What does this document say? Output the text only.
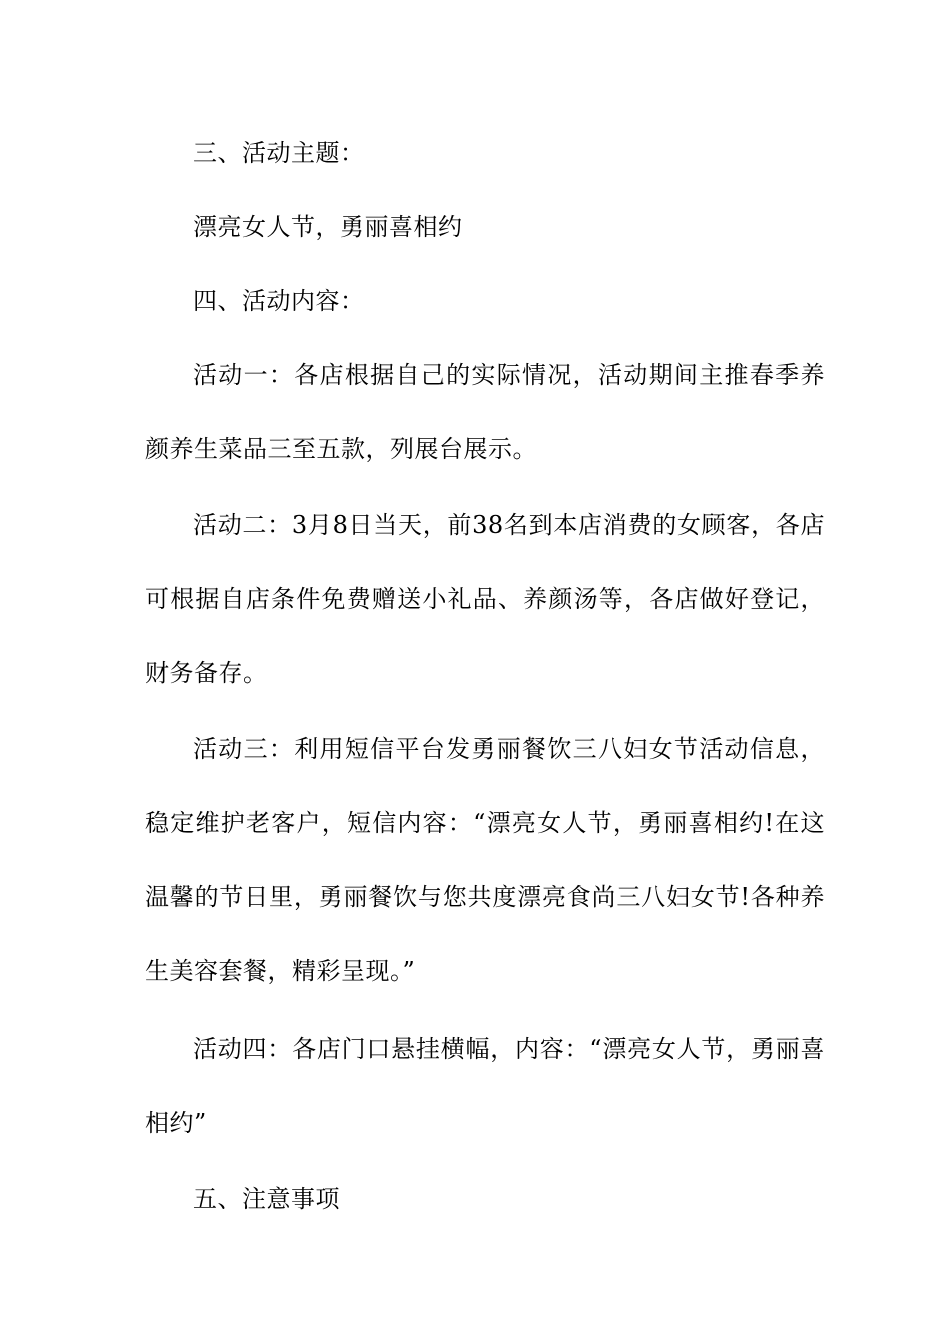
三、活动主题：

漂亮女人节，勇丽喜相约

四、活动内容：

活动一：各店根据自己的实际情况，活动期间主推春季养颜养生菜品三至五款，列展台展示。

活动二：3月8日当天，前38名到本店消费的女顾客，各店可根据自店条件免费赠送小礼品、养颜汤等，各店做好登记，财务备存。

活动三：利用短信平台发勇丽餐饮三八妇女节活动信息，稳定维护老客户，短信内容：“漂亮女人节，勇丽喜相约!在这温馨的节日里，勇丽餐饮与您共度漂亮食尚三八妇女节!各种养生美容套餐，精彩呈现。”

活动四：各店门口悬挂横幅，内容：“漂亮女人节，勇丽喜相约”

五、注意事项
